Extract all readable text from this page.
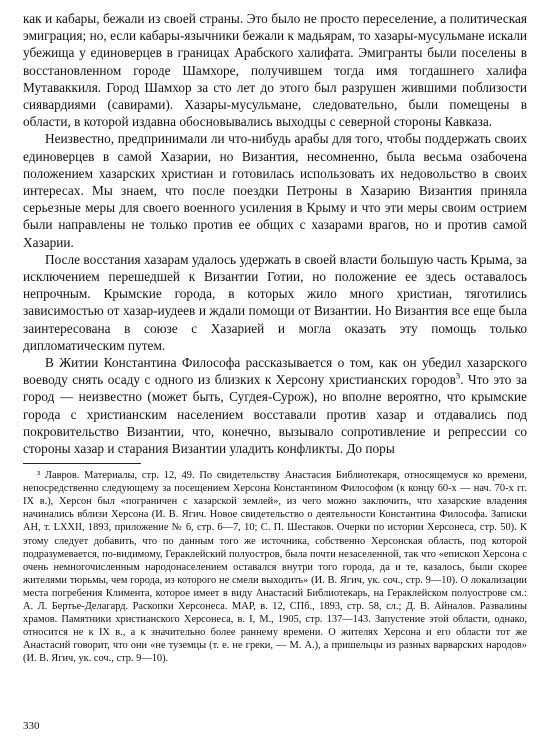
как и кабары, бежали из своей страны. Это было не просто переселение, а политическая эмиграция; но, если кабары-язычники бежали к мадьярам, то хазары-мусульмане искали убежища у единоверцев в границах Арабского халифата. Эмигранты были поселены в восстановленном городе Шамхоре, получившем тогда имя тогдашнего халифа Мутаваккиля. Город Шамхор за сто лет до этого был разрушен жившими поблизости сиявардиями (савирами). Хазары-мусульмане, следовательно, были помещены в области, в которой издавна обосновывались выходцы с северной стороны Кавказа.

Неизвестно, предпринимали ли что-нибудь арабы для того, чтобы поддержать своих единоверцев в самой Хазарии, но Византия, несомненно, была весьма озабочена положением хазарских христиан и готовилась использовать их недовольство в своих интересах. Мы знаем, что после поездки Петроны в Хазарию Византия приняла серьезные меры для своего военного усиления в Крыму и что эти меры своим острием были направлены не только против ее общих с хазарами врагов, но и против самой Хазарии.

После восстания хазарам удалось удержать в своей власти большую часть Крыма, за исключением перешедшей к Византии Готии, но положение ее здесь оставалось непрочным. Крымские города, в которых жило много христиан, тяготились зависимостью от хазар-иудеев и ждали помощи от Византии. Но Византия все еще была заинтересована в союзе с Хазарией и могла оказать эту помощь только дипломатическим путем.

В Житии Константина Философа рассказывается о том, как он убедил хазарского воеводу снять осаду с одного из близких к Херсону христианских городов$^3$. Что это за город — неизвестно (может быть, Сугдея-Сурож), но вполне вероятно, что крымские города с христианским населением восставали против хазар и отдавались под покровительство Византии, что, конечно, вызывало сопротивление и репрессии со стороны хазар и старания Византии уладить конфликты. До поры

³ Лавров. Материалы, стр. 12, 49. По свидетельству Анастасия Библиотекаря, относящемуся ко времени, непосредственно следующему за посещением Херсона Константином Философом (к концу 60-х — нач. 70-х гг. IX в.), Херсон был «пограничен с хазарской землей», из чего можно заключить, что хазарские владения начинались вблизи Херсона (И. В. Ягич. Новое свидетельство о деятельности Константина Философа. Записки АН, т. LXXII, 1893, приложение № 6, стр. 6—7, 10; С. П. Шестаков. Очерки по истории Херсонеса, стр. 50). К этому следует добавить, что по данным того же источника, собственно Херсонская область, под которой подразумевается, по-видимому, Гераклейский полуостров, была почти незаселенной, так что «епископ Херсона с очень немногочисленным народонаселением оставался внутри того города, да и те, казалось, были скорее жителями тюрьмы, чем города, из которого не смели выходить» (И. В. Ягич, ук. соч., стр. 9—10). О локализации места погребения Климента, которое имеет в виду Анастасий Библиотекарь, на Гераклейском полуострове см.: А. Л. Бертье-Делагард. Раскопки Херсонеса. МАР, в. 12, СПб., 1893, стр. 58, сл.; Д. В. Айналов. Развалины храмов. Памятники христианского Херсонеса, в. I, М., 1905, стр. 137—143. Запустение этой области, однако, относится не к IX в., а к значительно более раннему времени. О жителях Херсона и его области тот же Анастасий говорит, что они «не туземцы (т. е. не греки, — М. А.), а пришельцы из разных варварских народов» (И. В. Ягич, ук. соч., стр. 9—10).

330
